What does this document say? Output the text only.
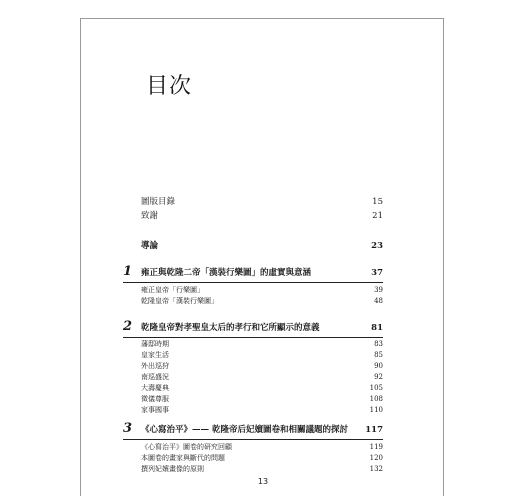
目次
圖版目錄	15
致謝	21
導論	23
1	雍正與乾隆二帝「漢裝行樂圖」的虛實與意涵	37
雍正皇帝「行樂圖」	39
乾隆皇帝「漢裝行樂圖」	48
2	乾隆皇帝對孝聖皇太后的孝行和它所顯示的意義	81
藩邸時期	83
皇家生活	85
外出巡狩	90
南巡盛況	92
大壽慶典	105
徵儀尊服	108
家事國事	110
3	《心寫治平》—— 乾隆帝后妃嬪圖卷和相關議題的探討	117
《心寫治平》圖卷的研究回顧	119
本圖卷的畫家與斷代的問題	120
撰列妃嬪畫像的原則	132
13
